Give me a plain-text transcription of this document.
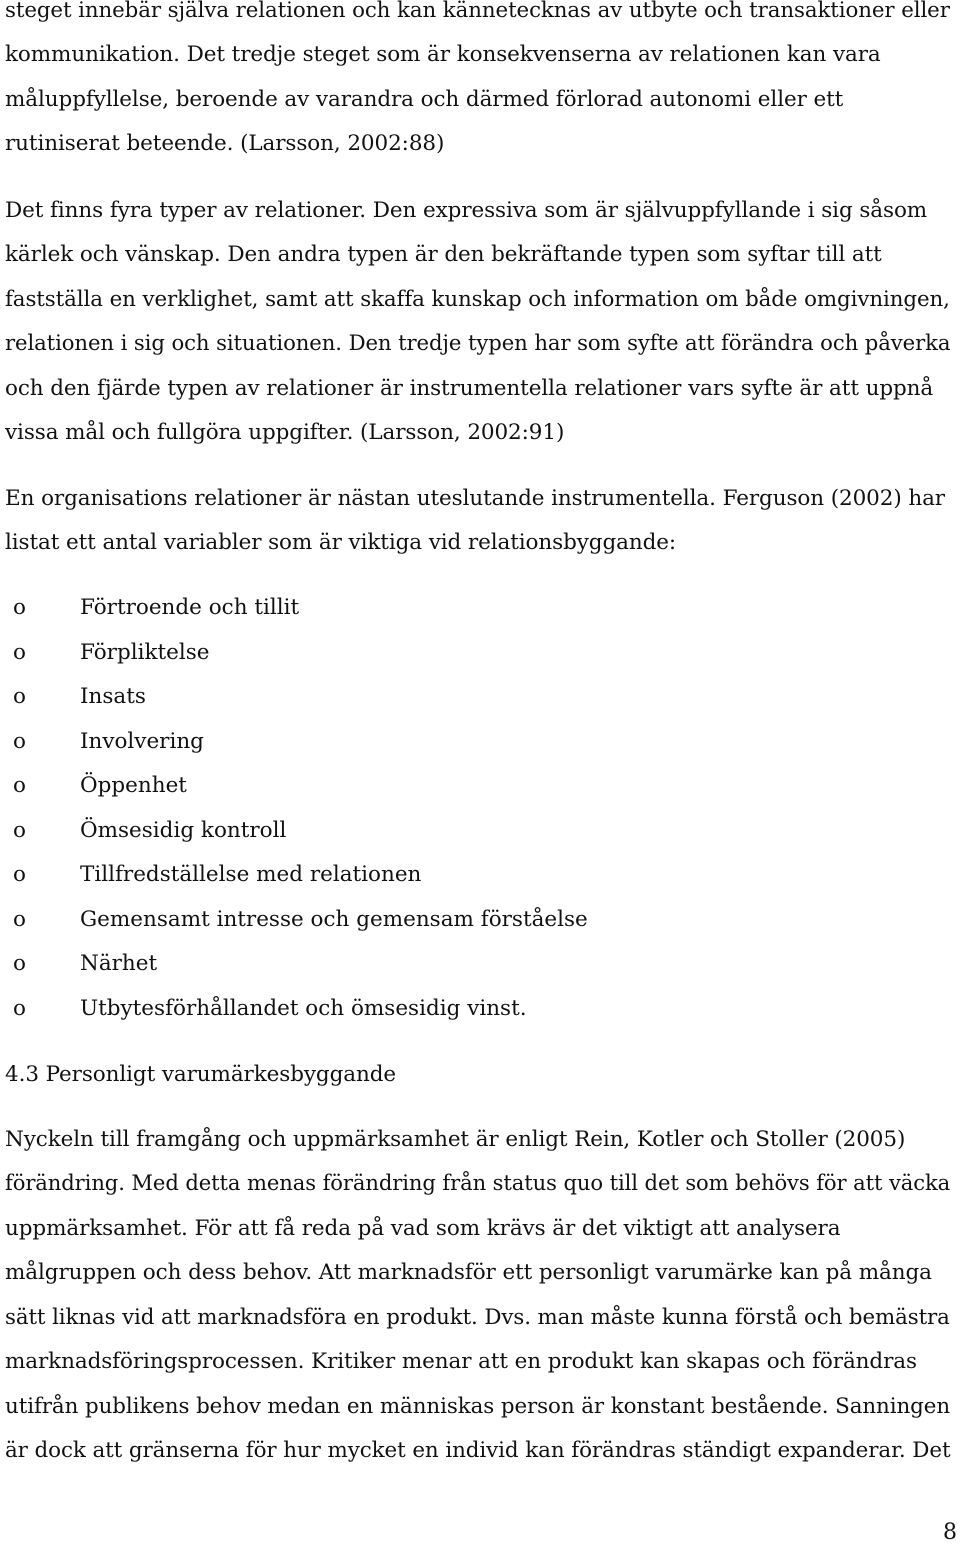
steget innebär själva relationen och kan kännetecknas av utbyte och transaktioner eller
kommunikation. Det tredje steget som är konsekvenserna av relationen kan vara
måluppfyllelse, beroende av varandra och därmed förlorad autonomi eller ett
rutiniserat beteende. (Larsson, 2002:88)
Det finns fyra typer av relationer. Den expressiva som är självuppfyllande i sig såsom
kärlek och vänskap. Den andra typen är den bekräftande typen som syftar till att
fastställa en verklighet, samt att skaffa kunskap och information om både omgivningen,
relationen i sig och situationen. Den tredje typen har som syfte att förändra och påverka
och den fjärde typen av relationer är instrumentella relationer vars syfte är att uppnå
vissa mål och fullgöra uppgifter. (Larsson, 2002:91)
En organisations relationer är nästan uteslutande instrumentella. Ferguson (2002) har
listat ett antal variabler som är viktiga vid relationsbyggande:
o	Förtroende och tillit
o	Förpliktelse
o	Insats
o	Involvering
o	Öppenhet
o	Ömsesidig kontroll
o	Tillfredställelse med relationen
o	Gemensamt intresse och gemensam förståelse
o	Närhet
o	Utbytesförhållandet och ömsesidig vinst.
4.3 Personligt varumärkesbyggande
Nyckeln till framgång och uppmärksamhet är enligt Rein, Kotler och Stoller (2005)
förändring. Med detta menas förändring från status quo till det som behövs för att väcka
uppmärksamhet. För att få reda på vad som krävs är det viktigt att analysera
målgruppen och dess behov. Att marknadsför ett personligt varumärke kan på många
sätt liknas vid att marknadsföra en produkt. Dvs. man måste kunna förstå och bemästra
marknadsföringsprocessen. Kritiker menar att en produkt kan skapas och förändras
utifrån publikens behov medan en människas person är konstant bestående. Sanningen
är dock att gränserna för hur mycket en individ kan förändras ständigt expanderar. Det
8
